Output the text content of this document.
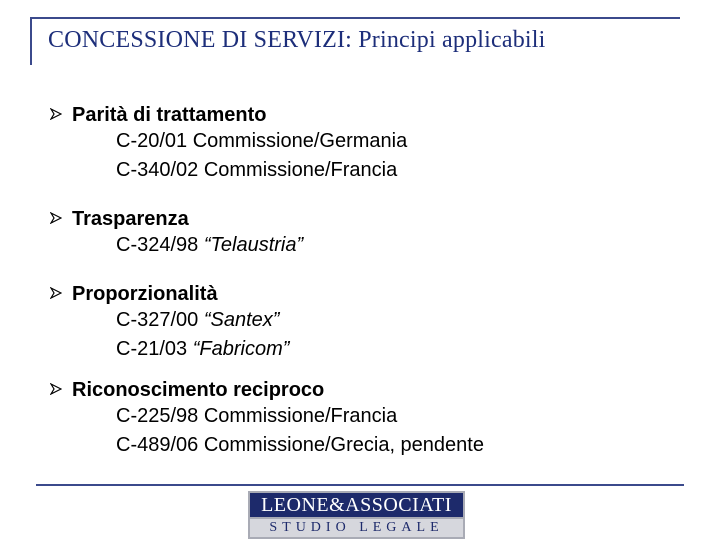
CONCESSIONE DI SERVIZI: Principi applicabili
Parità di trattamento
C-20/01 Commissione/Germania
C-340/02 Commissione/Francia
Trasparenza
C-324/98 “Telaustria”
Proporzionalità
C-327/00 “Santex”
C-21/03 “Fabricom”
Riconoscimento reciproco
C-225/98 Commissione/Francia
C-489/06 Commissione/Grecia, pendente
LEONE&ASSOCIATI
STUDIO LEGALE
